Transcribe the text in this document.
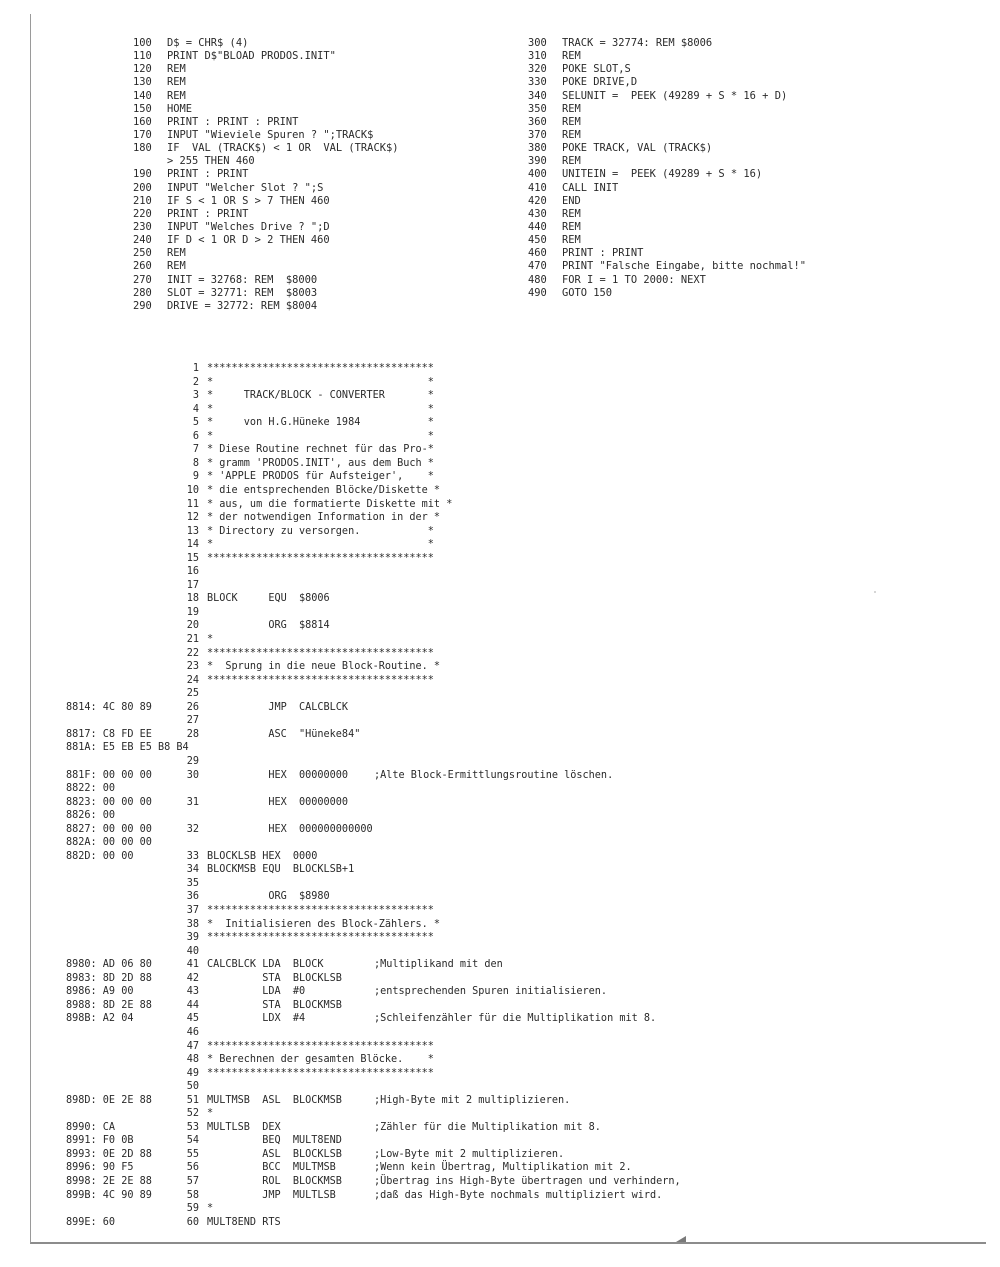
100 D$ = CHR$ (4)
110 PRINT D$"BLOAD PRODOS.INIT"
120 REM
130 REM
140 REM
150 HOME
160 PRINT : PRINT : PRINT
170 INPUT "Wieviele Spuren ? ";TRACK$
180 IF  VAL (TRACK$) < 1 OR  VAL (TRACK$)
> 255 THEN 460
190 PRINT : PRINT
200 INPUT "Welcher Slot ? ";S
210 IF S < 1 OR S > 7 THEN 460
220 PRINT : PRINT
230 INPUT "Welches Drive ? ";D
240 IF D < 1 OR D > 2 THEN 460
250 REM
260 REM
270 INIT = 32768: REM  $8000
280 SLOT = 32771: REM  $8003
290 DRIVE = 32772: REM $8004
300 TRACK = 32774: REM $8006
310 REM
320 POKE SLOT,S
330 POKE DRIVE,D
340 SELUNIT =  PEEK (49289 + S * 16 + D)
350 REM
360 REM
370 REM
380 POKE TRACK, VAL (TRACK$)
390 REM
400 UNITEIN =  PEEK (49289 + S * 16)
410 CALL INIT
420 END
430 REM
440 REM
450 REM
460 PRINT : PRINT
470 PRINT "Falsche Eingabe, bitte nochmal!"
480 FOR I = 1 TO 2000: NEXT
490 GOTO 150
1 *************************************
2 *                                   *
3 *     TRACK/BLOCK - CONVERTER       *
4 *                                   *
5 *     von H.G.Hüneke 1984           *
6 *                                   *
7 * Diese Routine rechnet für das Pro-*
8 * gramm 'PRODOS.INIT', aus dem Buch *
9 * 'APPLE PRODOS für Aufsteiger',    *
10 * die entsprechenden Blöcke/Diskette *
11 * aus, um die formatierte Diskette mit *
12 * der notwendigen Information in der *
13 * Directory zu versorgen.           *
14 *                                   *
15 *************************************
16
17
18 BLOCK     EQU  $8006
19
20 ORG  $8814
21 *
22 *************************************
23 *  Sprung in die neue Block-Routine. *
24 *************************************
25
8814: 4C 80 89	26 JMP  CALCBLCK
27
8817: C8 FD EE	28 ASC  "Hüneke84"
881A: E5 EB E5 B8 B4
29
881F: 00 00 00	30 HEX  00000000	;Alte Block-Ermittlungsroutine löschen.
8822: 00
8823: 00 00 00	31 HEX  00000000
8826: 00
8827: 00 00 00	32 HEX  000000000000
882A: 00 00 00
882D: 00 00	33 BLOCKLSB HEX  0000
34 BLOCKMSB EQU  BLOCKLSB+1
35
36 ORG  $8980
37 *************************************
38 *  Initialisieren des Block-Zählers. *
39 *************************************
40
8980: AD 06 80	41 CALCBLCK LDA  BLOCK	;Multiplikand mit den
8983: 8D 2D 88	42 STA  BLOCKLSB
8986: A9 00	43 LDA  #0	;entsprechenden Spuren initialisieren.
8988: 8D 2E 88	44 STA  BLOCKMSB
898B: A2 04	45 LDX  #4	;Schleifenzähler für die Multiplikation mit 8.
46
47 *************************************
48 * Berechnen der gesamten Blöcke.    *
49 *************************************
50
898D: 0E 2E 88	51 MULTMSB  ASL  BLOCKMSB	;High-Byte mit 2 multiplizieren.
52 *
8990: CA	53 MULTLSB  DEX	;Zähler für die Multiplikation mit 8.
8991: F0 0B	54 BEQ  MULT8END
8993: 0E 2D 88	55 ASL  BLOCKLSB	;Low-Byte mit 2 multiplizieren.
8996: 90 F5	56 BCC  MULTMSB	;Wenn kein Übertrag, Multiplikation mit 2.
8998: 2E 2E 88	57 ROL  BLOCKMSB	;Übertrag ins High-Byte übertragen und verhindern,
899B: 4C 90 89	58 JMP  MULTLSB	;daß das High-Byte nochmals multipliziert wird.
59 *
899E: 60	60 MULT8END RTS
